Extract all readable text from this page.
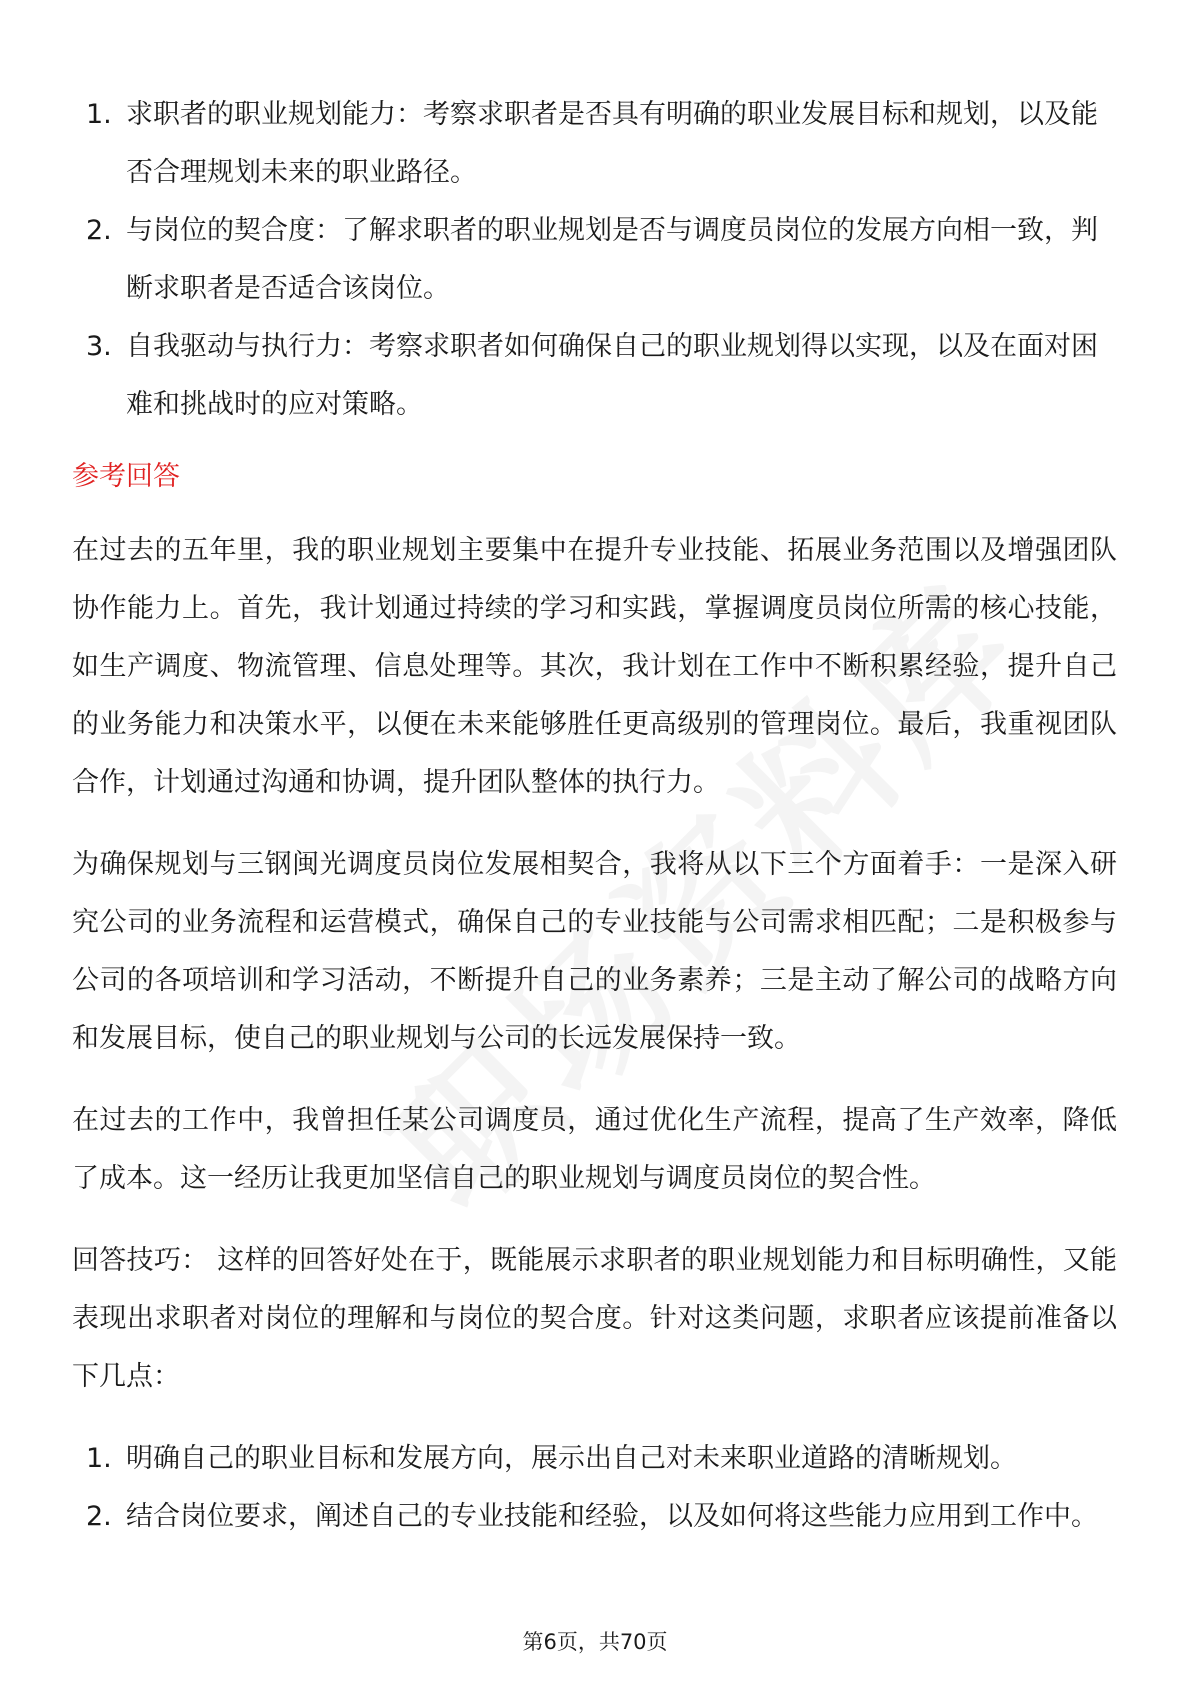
1. 求职者的职业规划能力：考察求职者是否具有明确的职业发展目标和规划，以及能否合理规划未来的职业路径。
2. 与岗位的契合度：了解求职者的职业规划是否与调度员岗位的发展方向相一致，判断求职者是否适合该岗位。
3. 自我驱动与执行力：考察求职者如何确保自己的职业规划得以实现，以及在面对困难和挑战时的应对策略。
参考回答

在过去的五年里，我的职业规划主要集中在提升专业技能、拓展业务范围以及增强团队协作能力上。首先，我计划通过持续的学习和实践，掌握调度员岗位所需的核心技能，如生产调度、物流管理、信息处理等。其次，我计划在工作中不断积累经验，提升自己的业务能力和决策水平，以便在未来能够胜任更高级别的管理岗位。最后，我重视团队合作，计划通过沟通和协调，提升团队整体的执行力。

为确保规划与三钢闽光调度员岗位发展相契合，我将从以下三个方面着手：一是深入研究公司的业务流程和运营模式，确保自己的专业技能与公司需求相匹配；二是积极参与公司的各项培训和学习活动，不断提升自己的业务素养；三是主动了解公司的战略方向和发展目标，使自己的职业规划与公司的长远发展保持一致。

在过去的工作中，我曾担任某公司调度员，通过优化生产流程，提高了生产效率，降低了成本。这一经历让我更加坚信自己的职业规划与调度员岗位的契合性。

回答技巧： 这样的回答好处在于，既能展示求职者的职业规划能力和目标明确性，又能表现出求职者对岗位的理解和与岗位的契合度。针对这类问题，求职者应该提前准备以下几点：

1. 明确自己的职业目标和发展方向，展示出自己对未来职业道路的清晰规划。
2. 结合岗位要求，阐述自己的专业技能和经验，以及如何将这些能力应用到工作中。
第6页，共70页
